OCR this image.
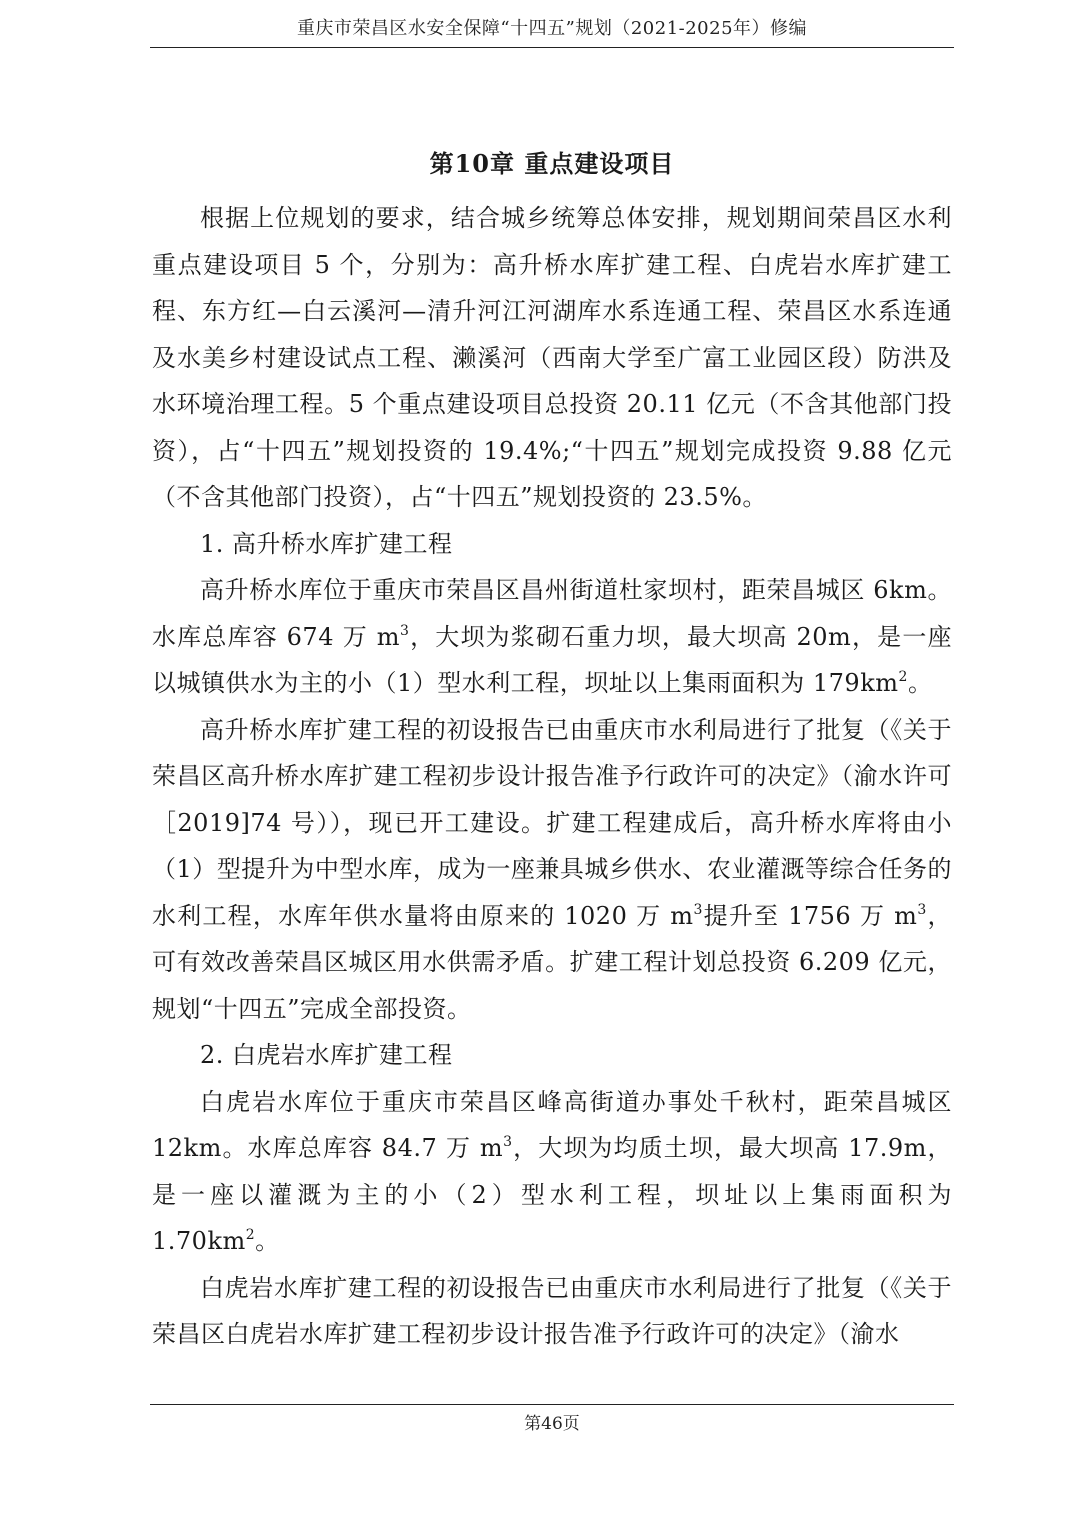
重庆市荣昌区水安全保障“十四五”规划（2021-2025年）修编
第10章 重点建设项目

根据上位规划的要求，结合城乡统筹总体安排，规划期间荣昌区水利重点建设项目 5 个，分别为：高升桥水库扩建工程、白虎岩水库扩建工程、东方红—白云溪河—清升河江河湖库水系连通工程、荣昌区水系连通及水美乡村建设试点工程、濑溪河（西南大学至广富工业园区段）防洪及水环境治理工程。5 个重点建设项目总投资 20.11 亿元（不含其他部门投资），占“十四五”规划投资的 19.4%;“十四五”规划完成投资 9.88 亿元（不含其他部门投资），占“十四五”规划投资的 23.5%。

1. 高升桥水库扩建工程

高升桥水库位于重庆市荣昌区昌州街道杜家坝村，距荣昌城区 6km。水库总库容 674 万 $m^3$，大坝为浆砌石重力坝，最大坝高 20m，是一座以城镇供水为主的小（1）型水利工程，坝址以上集雨面积为 $179km^2$。

高升桥水库扩建工程的初设报告已由重庆市水利局进行了批复（《关于荣昌区高升桥水库扩建工程初步设计报告准予行政许可的决定》（渝水许可［2019]74 号）），现已开工建设。扩建工程建成后，高升桥水库将由小（1）型提升为中型水库，成为一座兼具城乡供水、农业灌溉等综合任务的水利工程，水库年供水量将由原来的 1020 万 $m^3$提升至 1756 万 $m^3$，可有效改善荣昌区城区用水供需矛盾。扩建工程计划总投资 6.209 亿元，规划“十四五”完成全部投资。

2. 白虎岩水库扩建工程

白虎岩水库位于重庆市荣昌区峰高街道办事处千秋村，距荣昌城区 12km。水库总库容 84.7 万 $m^3$，大坝为均质土坝，最大坝高 17.9m，是一座以灌溉为主的小（2）型水利工程，坝址以上集雨面积为 $1.70km^2$。

白虎岩水库扩建工程的初设报告已由重庆市水利局进行了批复（《关于荣昌区白虎岩水库扩建工程初步设计报告准予行政许可的决定》（渝水

第46页
